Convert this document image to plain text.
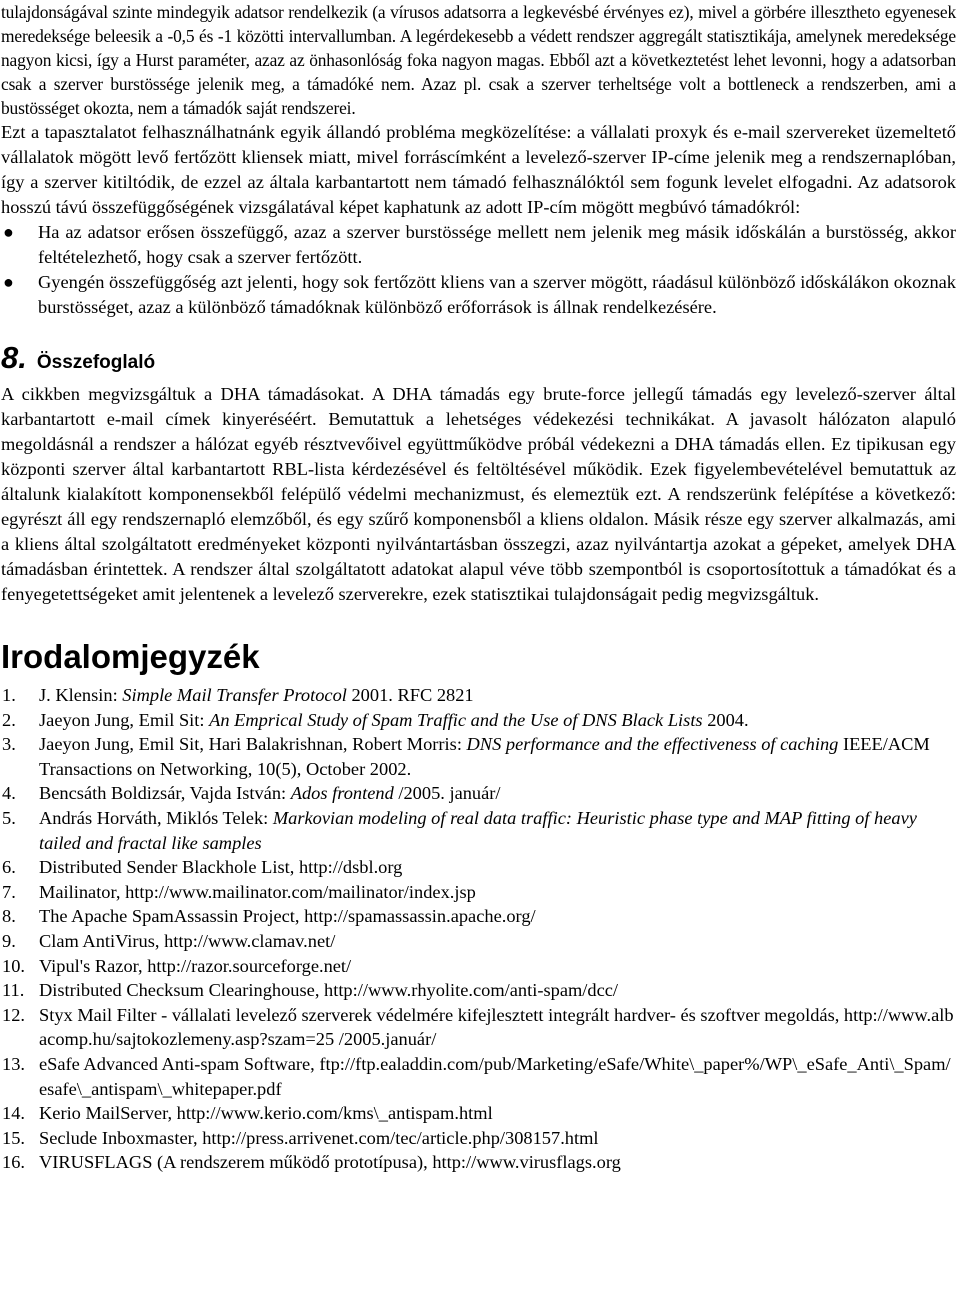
tulajdonságával szinte mindegyik adatsor rendelkezik (a vírusos adatsorra a legkevésbé érvényes ez), mivel a görbére illesztheto egyenesek meredeksége beleesik a -0,5 és -1 közötti intervallumban. A legérdekesebb a védett rendszer aggregált statisztikája, amelynek meredeksége nagyon kicsi, így a Hurst paraméter, azaz az önhasonlóság foka nagyon magas. Ebből azt a következtetést lehet levonni, hogy a adatsorban csak a szerver burstössége jelenik meg, a támadóké nem. Azaz pl. csak a szerver terheltsége volt a bottleneck a rendszerben, ami a bustösséget okozta, nem a támadók saját rendszerei.

Ezt a tapasztalatot felhasználhatnánk egyik állandó probléma megközelítése: a vállalati proxyk és e-mail szervereket üzemeltető vállalatok mögött levő fertőzött kliensek miatt, mivel forráscímként a levelező-szerver IP-címe jelenik meg a rendszernaplóban, így a szerver kitiltódik, de ezzel az általa karbantartott nem támadó felhasználóktól sem fogunk levelet elfogadni. Az adatsorok hosszú távú összefüggőségének vizsgálatával képet kaphatunk az adott IP-cím mögött megbúvó támadókról:

● Ha az adatsor erősen összefüggő, azaz a szerver burstössége mellett nem jelenik meg másik időskálán a burstösség, akkor feltételezhető, hogy csak a szerver fertőzött.
● Gyengén összefüggőség azt jelenti, hogy sok fertőzött kliens van a szerver mögött, ráadásul különböző időskálákon okoznak burstösséget, azaz a különböző támadóknak különböző erőforrások is állnak rendelkezésére.
8. Összefoglaló

A cikkben megvizsgáltuk a DHA támadásokat. A DHA támadás egy brute-force jellegű támadás egy levelező-szerver által karbantartott e-mail címek kinyeréséért. Bemutattuk a lehetséges védekezési technikákat. A javasolt hálózaton alapuló megoldásnál a rendszer a hálózat egyéb résztvevőivel együttműködve próbál védekezni a DHA támadás ellen. Ez tipikusan egy központi szerver által karbantartott RBL-lista kérdezésével és feltöltésével működik. Ezek figyelembevételével bemutattuk az általunk kialakított komponensekből felépülő védelmi mechanizmust, és elemeztük ezt. A rendszerünk felépítése a következő: egyrészt áll egy rendszernapló elemzőből, és egy szűrő komponensből a kliens oldalon. Másik része egy szerver alkalmazás, ami a kliens által szolgáltatott eredményeket központi nyilvántartásban összegzi, azaz nyilvántartja azokat a gépeket, amelyek DHA támadásban érintettek. A rendszer által szolgáltatott adatokat alapul véve több szempontból is csoportosítottuk a támadókat és a fenyegetettségeket amit jelentenek a levelező szerverekre, ezek statisztikai tulajdonságait pedig megvizsgáltuk.

Irodalomjegyzék
1. J. Klensin: Simple Mail Transfer Protocol 2001. RFC 2821
2. Jaeyon Jung, Emil Sit: An Emprical Study of Spam Traffic and the Use of DNS Black Lists 2004.
3. Jaeyon Jung, Emil Sit, Hari Balakrishnan, Robert Morris: DNS performance and the effectiveness of caching IEEE/ACM Transactions on Networking, 10(5), October 2002.
4. Bencsáth Boldizsár, Vajda István: Ados frontend /2005. január/
5. András Horváth, Miklós Telek: Markovian modeling of real data traffic: Heuristic phase type and MAP fitting of heavy tailed and fractal like samples
6. Distributed Sender Blackhole List, http://dsbl.org
7. Mailinator, http://www.mailinator.com/mailinator/index.jsp
8. The Apache SpamAssassin Project, http://spamassassin.apache.org/
9. Clam AntiVirus, http://www.clamav.net/
10. Vipul's Razor, http://razor.sourceforge.net/
11. Distributed Checksum Clearinghouse, http://www.rhyolite.com/anti-spam/dcc/
12. Styx Mail Filter - vállalati levelező szerverek védelmére kifejlesztett integrált hardver- és szoftver megoldás, http://www.albacomp.hu/sajtokozlemeny.asp?szam=25 /2005.január/
13. eSafe Advanced Anti-spam Software, ftp://ftp.ealaddin.com/pub/Marketing/eSafe/White\_paper%/WP\_eSafe_Anti\_Spam/esafe\_antispam\_whitepaper.pdf
14. Kerio MailServer, http://www.kerio.com/kms\_antispam.html
15. Seclude Inboxmaster, http://press.arrivenet.com/tec/article.php/308157.html
16. VIRUSFLAGS (A rendszerem működő prototípusa), http://www.virusflags.org
